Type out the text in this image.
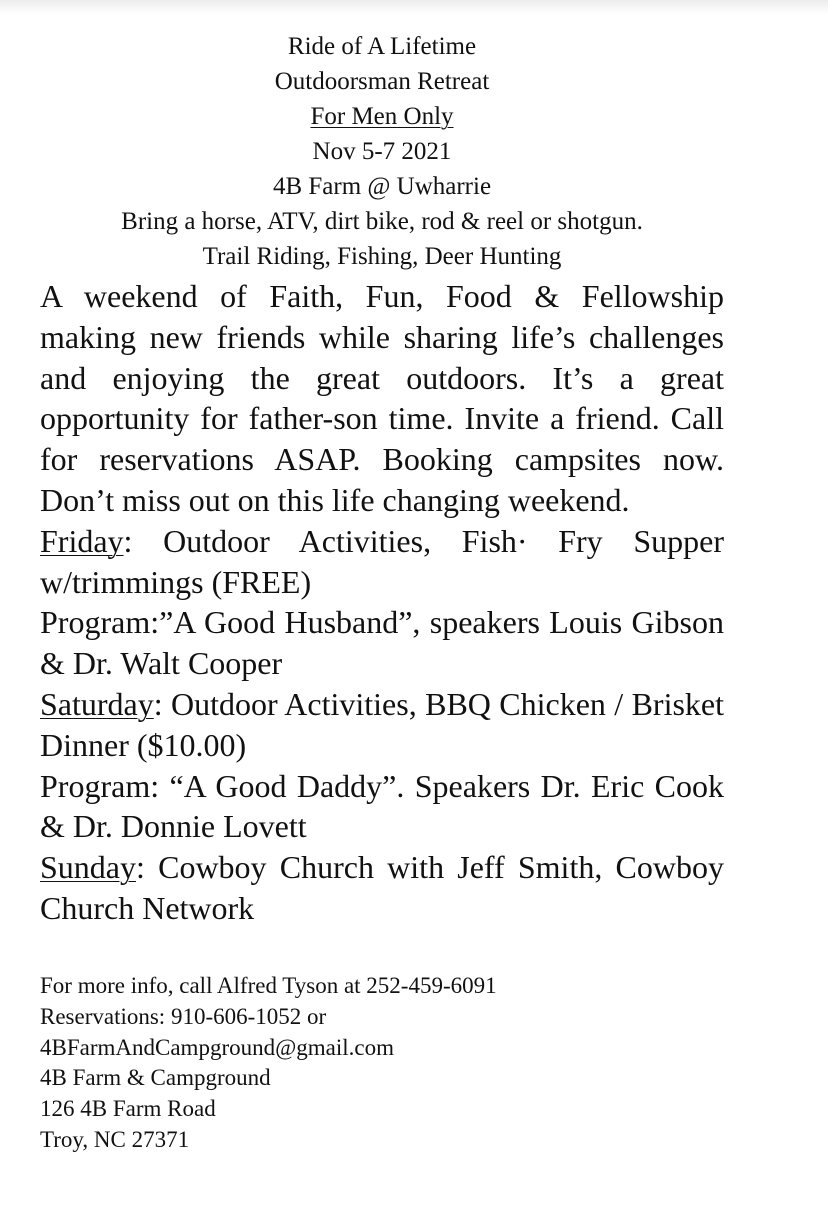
Ride of A Lifetime
Outdoorsman Retreat
For Men Only
Nov 5-7 2021
4B Farm @ Uwharrie
Bring a horse, ATV, dirt bike, rod & reel or shotgun.
Trail Riding, Fishing, Deer Hunting

A weekend of Faith, Fun, Food & Fellowship making new friends while sharing life’s challenges and enjoying the great outdoors. It’s a great opportunity for father-son time. Invite a friend. Call for reservations ASAP. Booking campsites now. Don’t miss out on this life changing weekend.

Friday: Outdoor Activities, Fish· Fry Supper w/trimmings (FREE)

Program:”A Good Husband”, speakers Louis Gibson & Dr. Walt Cooper

Saturday: Outdoor Activities, BBQ Chicken / Brisket Dinner ($10.00)

Program: “A Good Daddy”. Speakers Dr. Eric Cook & Dr. Donnie Lovett

Sunday: Cowboy Church with Jeff Smith, Cowboy Church Network

For more info, call Alfred Tyson at 252-459-6091
Reservations: 910-606-1052 or
4BFarmAndCampground@gmail.com
4B Farm & Campground
126 4B Farm Road
Troy, NC 27371
